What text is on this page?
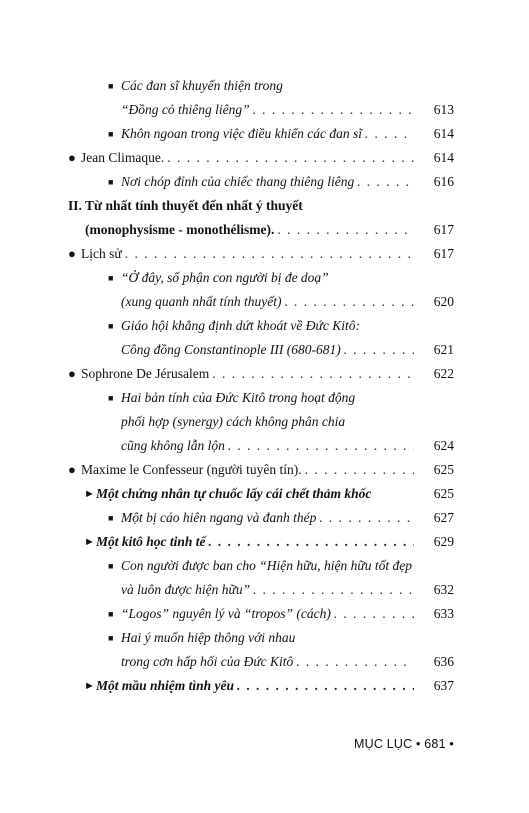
■ Các đan sĩ khuyến thiện trong
“Đồng cỏ thiêng liêng” . . .	613
■ Khôn ngoan trong việc điều khiển các đan sĩ . . .	614
● Jean Climaque. . . .	614
■ Nơi chóp đỉnh của chiếc thang thiêng liêng . . .	616
II. Từ nhất tính thuyết đến nhất ý thuyết
(monophysisme - monothélisme). . . .	617
● Lịch sử . . .	617
■ “Ở đây, số phận con người bị đe doạ”
(xung quanh nhất tính thuyết) . . .	620
■ Giáo hội khẳng định dứt khoát về Đức Kitô:
Công đồng Constantinople III (680-681) . . .	621
● Sophrone De Jérusalem . . .	622
■ Hai bản tính của Đức Kitô trong hoạt động
phối hợp (synergy) cách không phân chia
cũng không lẫn lộn . . .	624
● Maxime le Confesseur (người tuyên tín). . . .	625
► Một chứng nhân tự chuốc lấy cái chết thảm khốc	625
■ Một bị cáo hiên ngang và đanh thép . . .	627
► Một kitô học tinh tế . . .	629
■ Con người được ban cho “Hiện hữu, hiện hữu tốt đẹp
và luôn được hiện hữu” . . .	632
■ “Logos” nguyên lý và “tropos” (cách) . . .	633
■ Hai ý muốn hiệp thông với nhau
trong cơn hấp hối của Đức Kitô . . .	636
► Một mầu nhiệm tình yêu . . .	637
MỤC LỤC • 681 •
